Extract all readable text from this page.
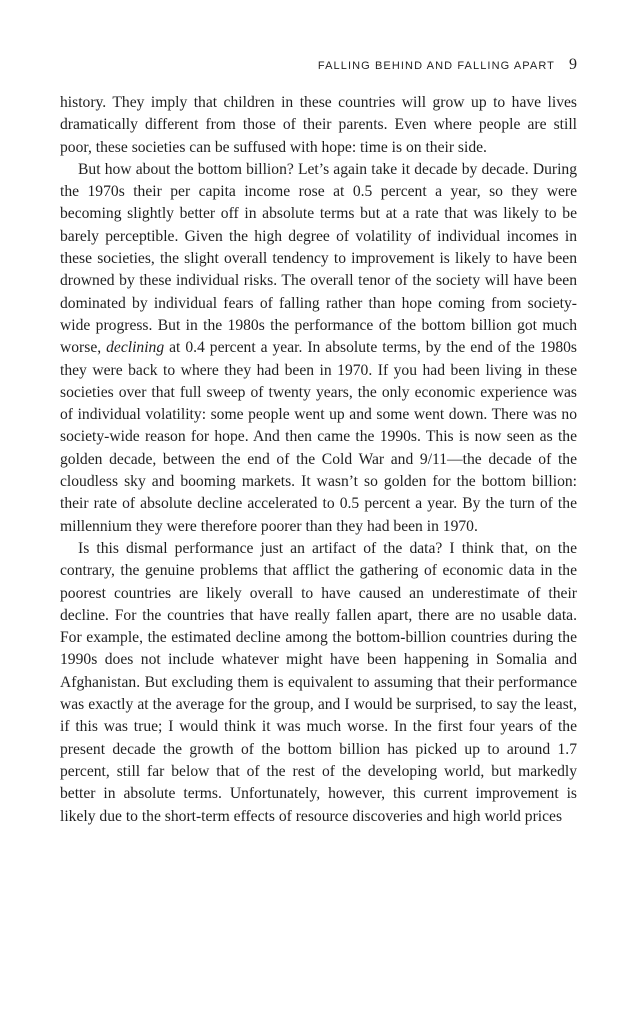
FALLING BEHIND AND FALLING APART 9

history. They imply that children in these countries will grow up to have lives dramatically different from those of their parents. Even where people are still poor, these societies can be suffused with hope: time is on their side.

But how about the bottom billion? Let’s again take it decade by decade. During the 1970s their per capita income rose at 0.5 percent a year, so they were becoming slightly better off in absolute terms but at a rate that was likely to be barely perceptible. Given the high degree of volatility of individual incomes in these societies, the slight overall tendency to improvement is likely to have been drowned by these individual risks. The overall tenor of the society will have been dominated by individual fears of falling rather than hope coming from society-wide progress. But in the 1980s the performance of the bottom billion got much worse, declining at 0.4 percent a year. In absolute terms, by the end of the 1980s they were back to where they had been in 1970. If you had been living in these societies over that full sweep of twenty years, the only economic experience was of individual volatility: some people went up and some went down. There was no society-wide reason for hope. And then came the 1990s. This is now seen as the golden decade, between the end of the Cold War and 9/11—the decade of the cloudless sky and booming markets. It wasn’t so golden for the bottom billion: their rate of absolute decline accelerated to 0.5 percent a year. By the turn of the millennium they were therefore poorer than they had been in 1970.

Is this dismal performance just an artifact of the data? I think that, on the contrary, the genuine problems that afflict the gathering of economic data in the poorest countries are likely overall to have caused an underestimate of their decline. For the countries that have really fallen apart, there are no usable data. For example, the estimated decline among the bottom-billion countries during the 1990s does not include whatever might have been happening in Somalia and Afghanistan. But excluding them is equivalent to assuming that their performance was exactly at the average for the group, and I would be surprised, to say the least, if this was true; I would think it was much worse. In the first four years of the present decade the growth of the bottom billion has picked up to around 1.7 percent, still far below that of the rest of the developing world, but markedly better in absolute terms. Unfortunately, however, this current improvement is likely due to the short-term effects of resource discoveries and high world prices
